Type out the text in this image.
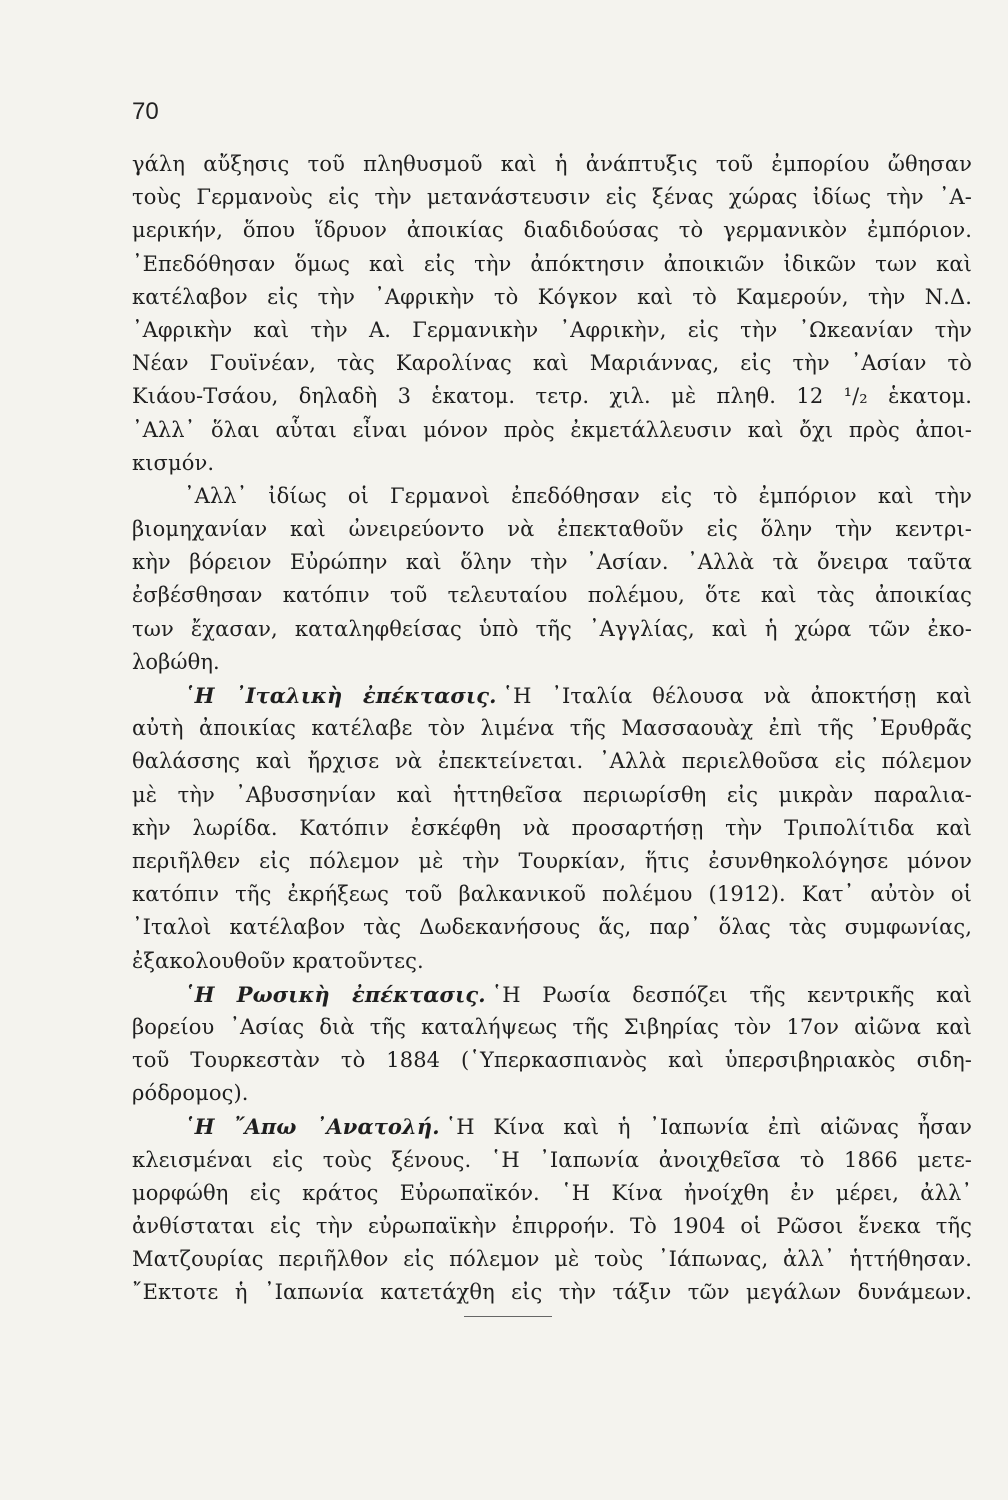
70
γάλη αὔξησις τοῦ πληθυσμοῦ καὶ ἡ ἀνάπτυξις τοῦ ἐμπορίου ὤθησαν
τοὺς Γερμανοὺς εἰς τὴν μετανάστευσιν εἰς ξένας χώρας ἰδίως τὴν ᾿Α-
μερικήν, ὅπου ἵδρυον ἀποικίας διαδιδούσας τὸ γερμανικὸν ἐμπόριον.
᾿Επεδόθησαν ὅμως καὶ εἰς τὴν ἀπόκτησιν ἀποικιῶν ἰδικῶν των καὶ
κατέλαβον εἰς τὴν ᾿Αφρικὴν τὸ Κόγκον καὶ τὸ Καμερούν, τὴν Ν.Δ.
᾿Αφρικὴν καὶ τὴν Α. Γερμανικὴν ᾿Αφρικὴν, εἰς τὴν ᾿Ωκεανίαν τὴν
Νέαν Γουϊνέαν, τὰς Καρολίνας καὶ Μαριάννας, εἰς τὴν ᾿Ασίαν τὸ
Κιάου-Τσάου, δηλαδὴ 3 ἑκατομ. τετρ. χιλ. μὲ πληθ. 12 ¹/₂ ἑκατομ.
᾿Αλλ᾿ ὅλαι αὗται εἶναι μόνον πρὸς ἐκμετάλλευσιν καὶ ὄχι πρὸς ἀποι-
κισμόν.
᾿Αλλ᾿ ἰδίως οἱ Γερμανοὶ ἐπεδόθησαν εἰς τὸ ἐμπόριον καὶ τὴν
βιομηχανίαν καὶ ὠνειρεύοντο νὰ ἐπεκταθοῦν εἰς ὅλην τὴν κεντρι-
κὴν βόρειον Εὐρώπην καὶ ὅλην τὴν ᾿Ασίαν. ᾿Αλλὰ τὰ ὄνειρα ταῦτα
ἐσβέσθησαν κατόπιν τοῦ τελευταίου πολέμου, ὅτε καὶ τὰς ἀποικίας
των ἔχασαν, καταληφθείσας ὑπὸ τῆς ᾿Αγγλίας, καὶ ἡ χώρα τῶν ἐκο-
λοβώθη.
῾Η ᾿Ιταλικὴ ἐπέκτασις. ῾Η ᾿Ιταλία θέλουσα νὰ ἀποκτήσῃ καὶ
αὐτὴ ἀποικίας κατέλαβε τὸν λιμένα τῆς Μασσαουὰχ ἐπὶ τῆς ᾿Ερυθρᾶς
θαλάσσης καὶ ἤρχισε νὰ ἐπεκτείνεται. ᾿Αλλὰ περιελθοῦσα εἰς πόλεμον
μὲ τὴν ᾿Αβυσσηνίαν καὶ ἡττηθεῖσα περιωρίσθη εἰς μικρὰν παραλια-
κὴν λωρίδα. Κατόπιν ἐσκέφθη νὰ προσαρτήσῃ τὴν Τριπολίτιδα καὶ
περιῆλθεν εἰς πόλεμον μὲ τὴν Τουρκίαν, ἥτις ἐσυνθηκολόγησε μόνον
κατόπιν τῆς ἐκρήξεως τοῦ βαλκανικοῦ πολέμου (1912). Κατ᾿ αὐτὸν οἱ
᾿Ιταλοὶ κατέλαβον τὰς Δωδεκανήσους ἅς, παρ᾿ ὅλας τὰς συμφωνίας,
ἐξακολουθοῦν κρατοῦντες.
῾Η Ρωσικὴ ἐπέκτασις. ῾Η Ρωσία δεσπόζει τῆς κεντρικῆς καὶ
βορείου ᾿Ασίας διὰ τῆς καταλήψεως τῆς Σιβηρίας τὸν 17ον αἰῶνα καὶ
τοῦ Τουρκεστὰν τὸ 1884 (῾Υπερκασπιανὸς καὶ ὑπερσιβηριακὸς σιδη-
ρόδρομος).
῾Η ῎Απω ᾿Ανατολή. ῾Η Κίνα καὶ ἡ ᾿Ιαπωνία ἐπὶ αἰῶνας ἦσαν
κλεισμέναι εἰς τοὺς ξένους. ῾Η ᾿Ιαπωνία ἀνοιχθεῖσα τὸ 1866 μετε-
μορφώθη εἰς κράτος Εὐρωπαϊκόν. ῾Η Κίνα ἠνοίχθη ἐν μέρει, ἀλλ᾿
ἀνθίσταται εἰς τὴν εὐρωπαϊκὴν ἐπιρροήν. Τὸ 1904 οἱ Ρῶσοι ἕνεκα τῆς
Ματζουρίας περιῆλθον εἰς πόλεμον μὲ τοὺς ᾿Ιάπωνας, ἀλλ᾿ ἡττήθησαν.
῎Εκτοτε ἡ ᾿Ιαπωνία κατετάχθη εἰς τὴν τάξιν τῶν μεγάλων δυνάμεων.
